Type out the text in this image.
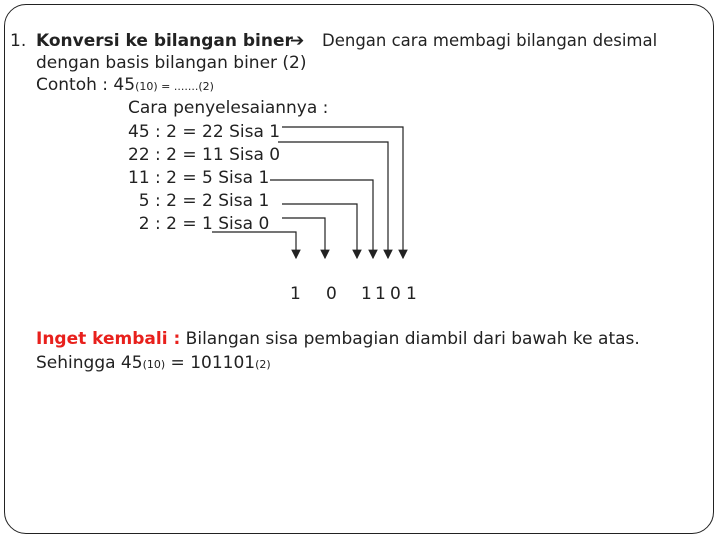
1. Konversi ke bilangan biner
➔ Dengan cara membagi bilangan desimal
dengan basis bilangan biner (2)
Contoh : 45(10) = .......(2)
Cara penyelesaiannya :
45 : 2 = 22 Sisa 1
22 : 2 = 11 Sisa 0
11 : 2 = 5 Sisa 1
5 : 2 = 2 Sisa 1
2 : 2 = 1 Sisa 0
1 0 1 1 0 1
Inget kembali : Bilangan sisa pembagian diambil dari bawah ke atas.
Sehingga 45(10) = 101101(2)
